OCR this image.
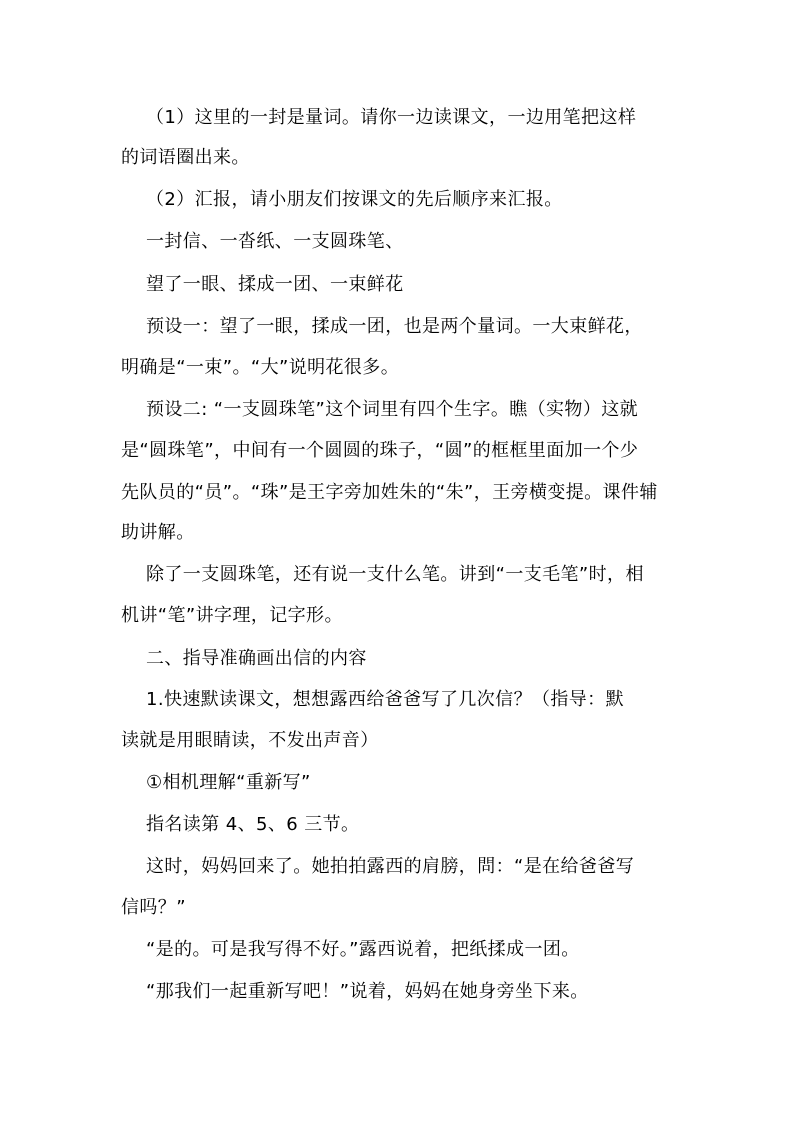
（1）这里的一封是量词。请你一边读课文，一边用笔把这样
的词语圈出来。
（2）汇报，请小朋友们按课文的先后顺序来汇报。
一封信、一沓纸、一支圆珠笔、
望了一眼、揉成一团、一束鲜花
预设一：望了一眼，揉成一团，也是两个量词。一大束鲜花，
明确是“一束”。“大”说明花很多。
预设二: “一支圆珠笔”这个词里有四个生字。瞧（实物）这就
是“圆珠笔”，中间有一个圆圆的珠子，“圆”的框框里面加一个少
先队员的“员”。“珠”是王字旁加姓朱的“朱”，王旁横变提。课件辅
助讲解。
除了一支圆珠笔，还有说一支什么笔。讲到“一支毛笔”时，相
机讲“笔”讲字理，记字形。
二、指导准确画出信的内容
1.快速默读课文，想想露西给爸爸写了几次信？（指导：默
读就是用眼睛读，不发出声音）
①相机理解“重新写”
指名读第 4、5、6 三节。
这时，妈妈回来了。她拍拍露西的肩膀，問：“是在给爸爸写
信吗？”
“是的。可是我写得不好。”露西说着，把纸揉成一团。
“那我们一起重新写吧！”说着，妈妈在她身旁坐下来。
